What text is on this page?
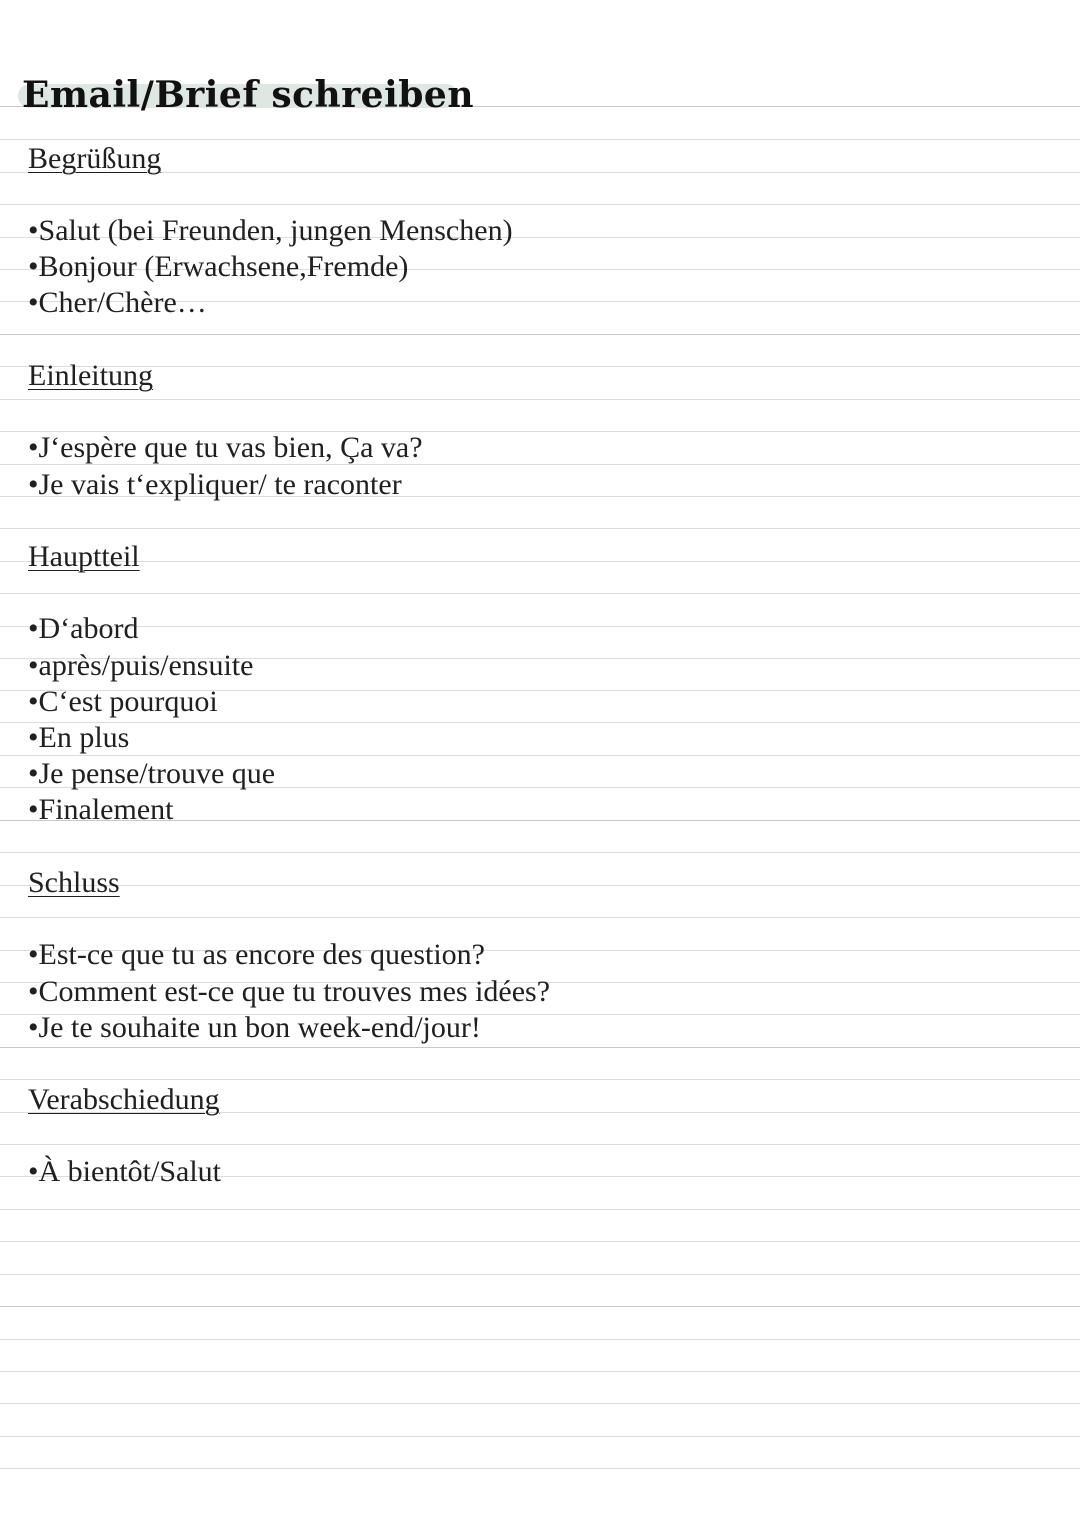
Email/Brief schreiben
Begrüßung
•Salut (bei Freunden, jungen Menschen)
•Bonjour (Erwachsene,Fremde)
•Cher/Chère…
Einleitung
•J‘espère que tu vas bien, Ça va?
•Je vais t‘expliquer/ te raconter
Hauptteil
•D‘abord
•après/puis/ensuite
•C‘est pourquoi
•En plus
•Je pense/trouve que
•Finalement
Schluss
•Est-ce que tu as encore des question?
•Comment est-ce que tu trouves mes idées?
•Je te souhaite un bon week-end/jour!
Verabschiedung
•À bientôt/Salut
